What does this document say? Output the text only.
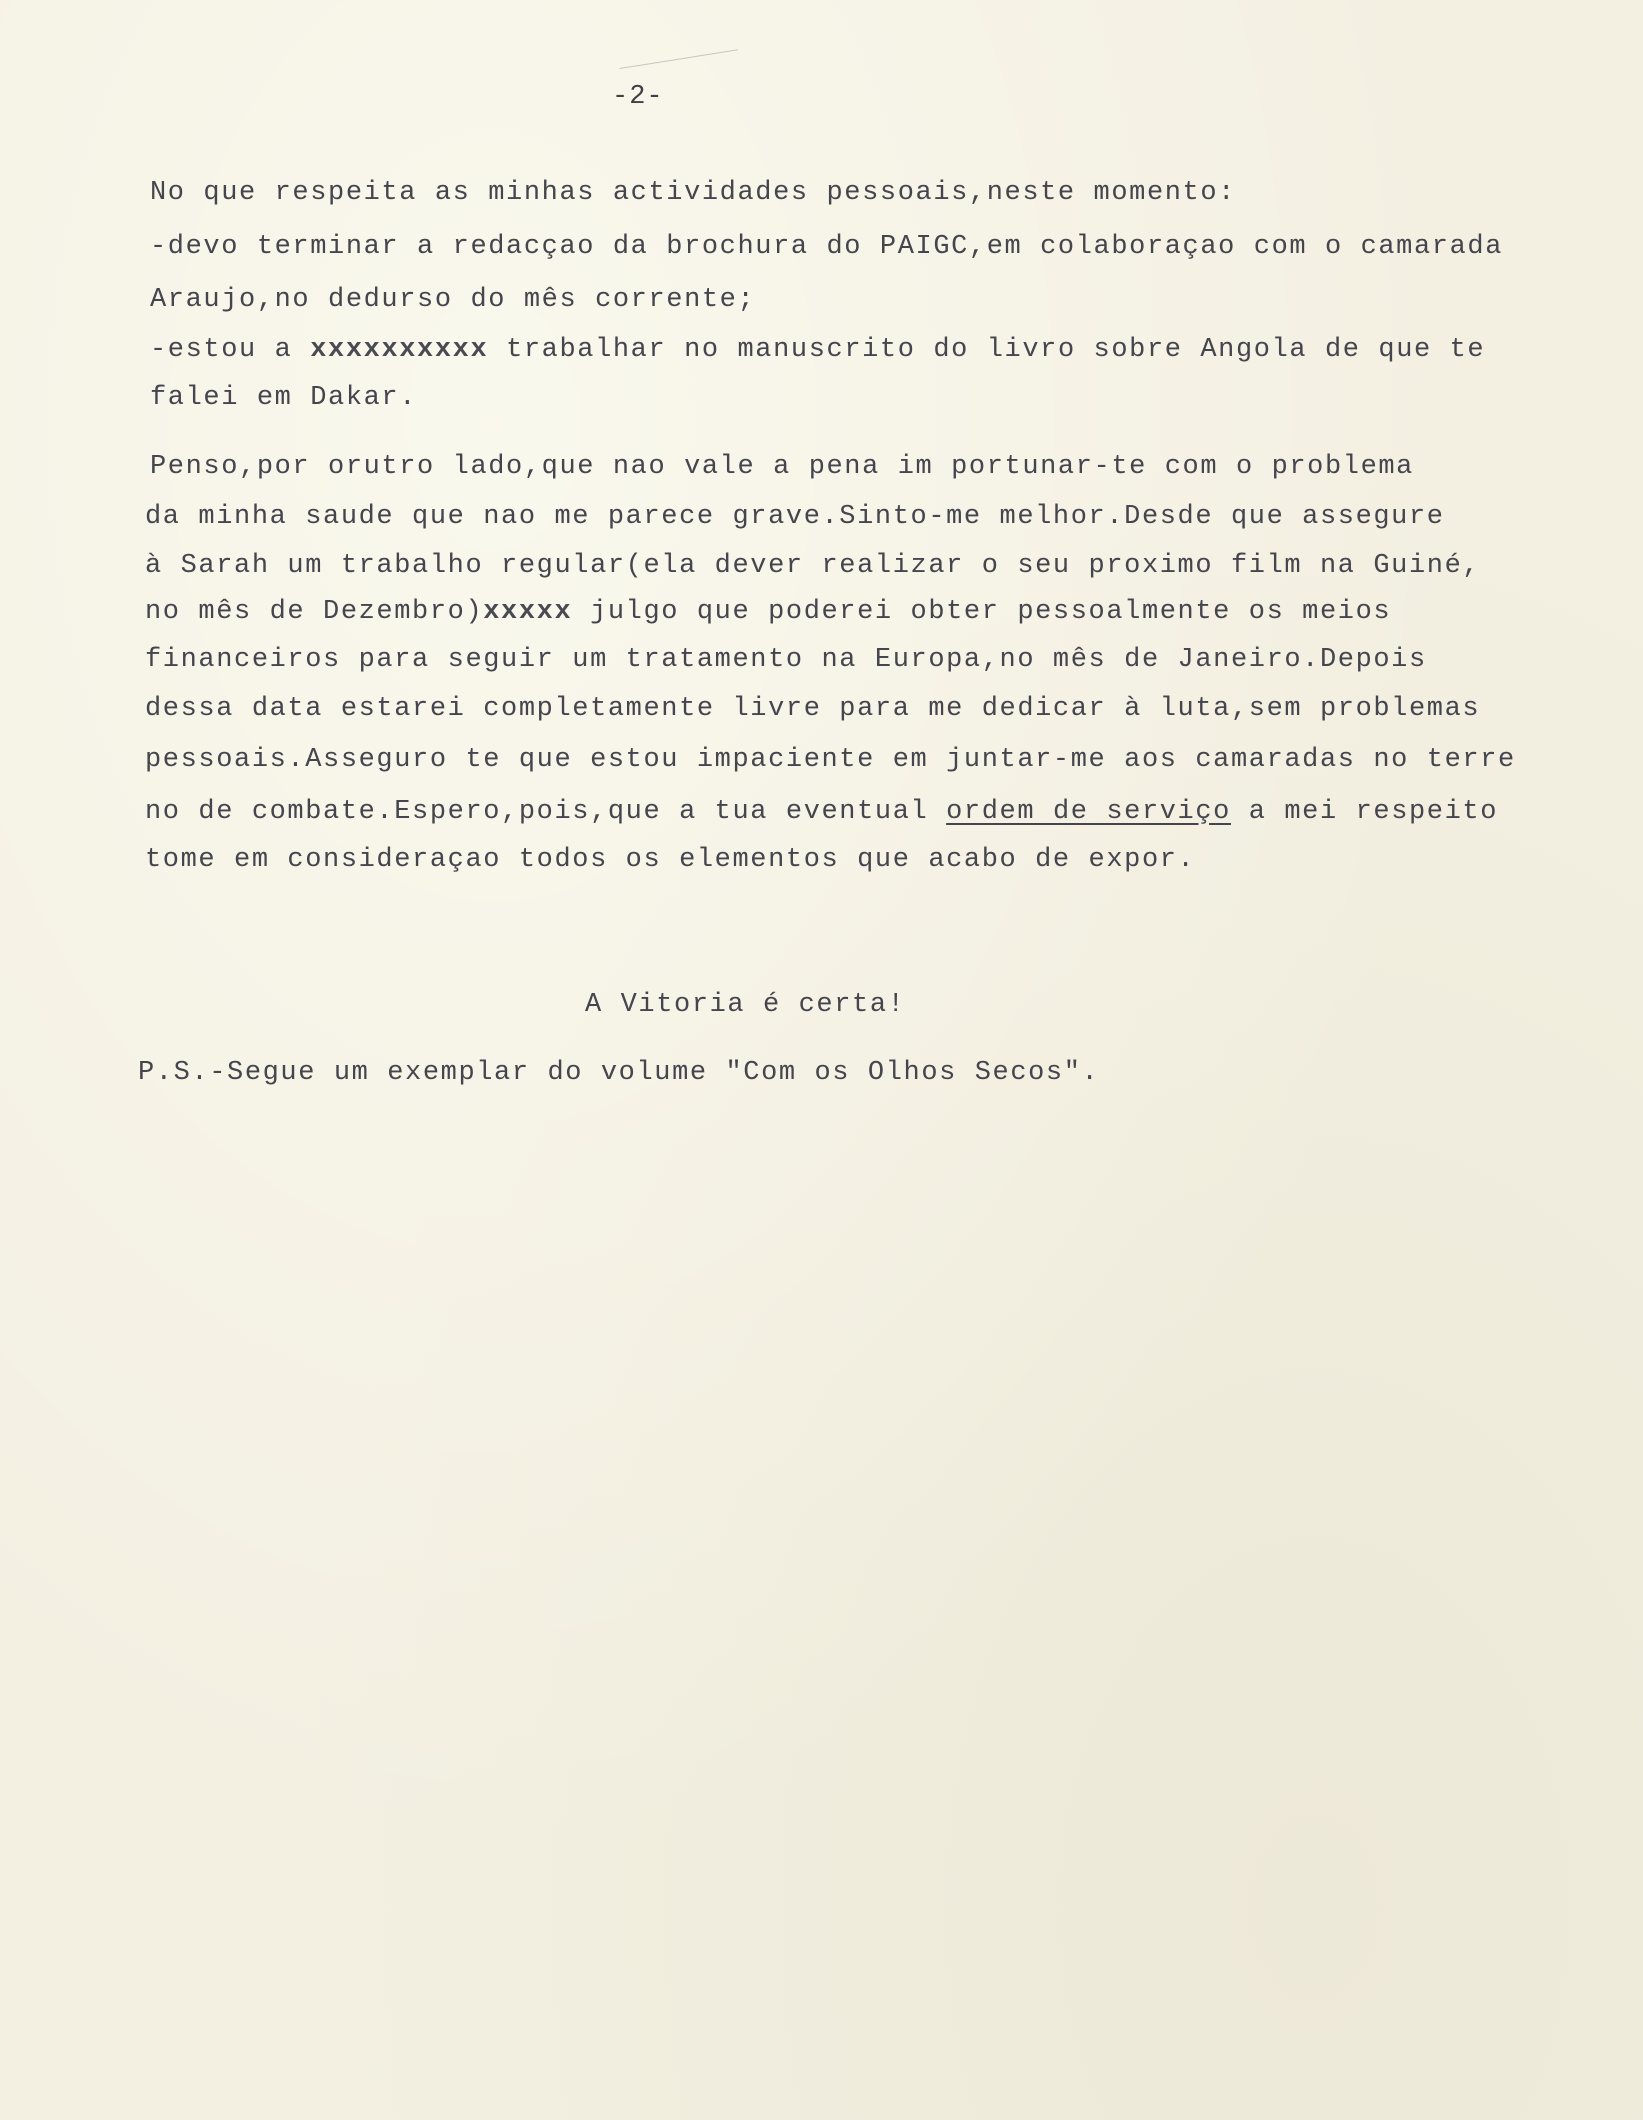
-2-
No que respeita as minhas actividades pessoais,neste momento:
-devo terminar a redacçao da brochura do PAIGC,em colaboraçao com o camarada
Araujo,no dedurso do mês corrente;
-estou a xxxxxxxxxx trabalhar no manuscrito do livro sobre Angola de que te
falei em Dakar.
Penso,por orutro lado,que nao vale a pena im portunar-te com o problema
da minha saude que nao me parece grave.Sinto-me melhor.Desde que assegure
à Sarah um trabalho regular(ela dever realizar o seu proximo film na Guiné,
no mês de Dezembro)xxxxx julgo que poderei obter pessoalmente os meios
financeiros para seguir um tratamento na Europa,no mês de Janeiro.Depois
dessa data estarei completamente livre para me dedicar à luta,sem problemas
pessoais.Asseguro te que estou impaciente em juntar-me aos camaradas no terre
no de combate.Espero,pois,que a tua eventual ordem de serviço a mei respeito
tome em consideraçao todos os elementos que acabo de expor.
A Vitoria é certa!
P.S.-Segue um exemplar do volume "Com os Olhos Secos".
